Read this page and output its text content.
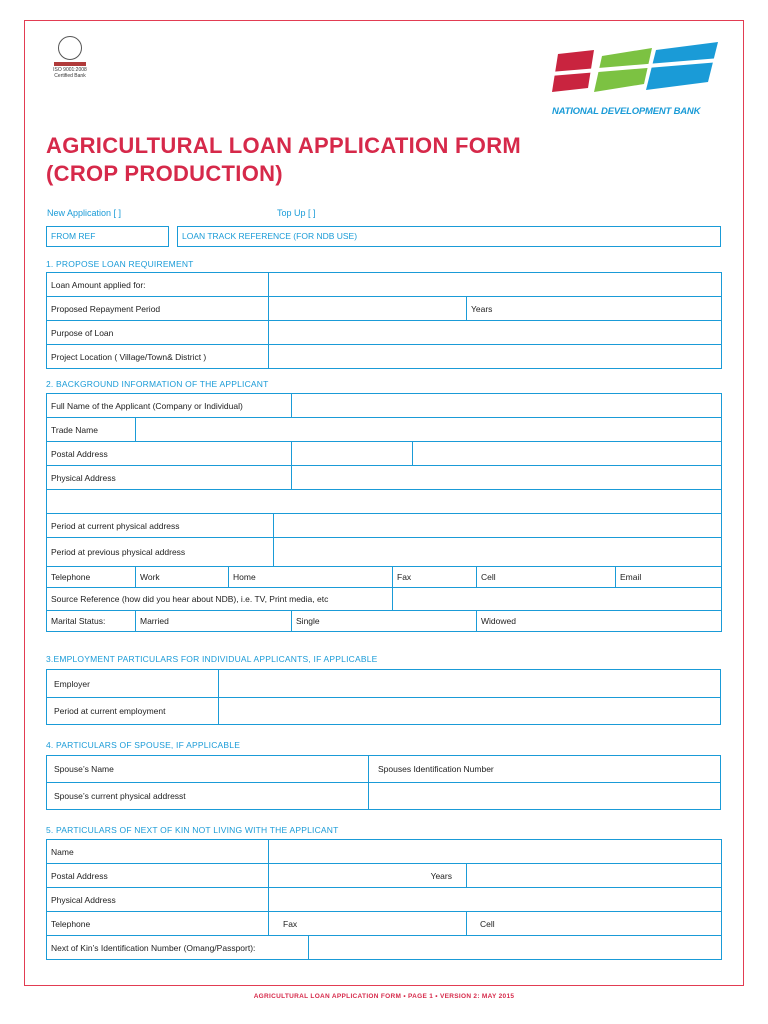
ISO 9001:2008
Certified Bank
NATIONAL DEVELOPMENT BANK
AGRICULTURAL LOAN APPLICATION FORM
(CROP PRODUCTION)
New Application [ ]	Top Up [ ]
FROM REF	LOAN TRACK REFERENCE (FOR NDB USE)
1. PROPOSE LOAN REQUIREMENT
Loan Amount applied for:		
Proposed Repayment Period		Years
Purpose of Loan		
Project Location ( Village/Town& District )		
2. BACKGROUND INFORMATION OF THE APPLICANT
Full Name of the Applicant (Company or Individual)								
Trade Name								
Postal Address								
Physical Address								

Period at current physical address								
Period at previous physical address								
Telephone	Work	Home			Fax		Cell	Email
Source Reference (how did you hear about NDB), i.e. TV, Print media, etc								
Marital Status:	Married			Single			Widowed	
3.EMPLOYMENT PARTICULARS FOR INDIVIDUAL APPLICANTS, IF APPLICABLE
Employer	
Period at current employment	
4. PARTICULARS OF SPOUSE, IF APPLICABLE
Spouse’s Name	Spouses Identification Number
Spouse’s current physical addresst	
5. PARTICULARS OF NEXT OF KIN NOT LIVING WITH THE APPLICANT
Name			
Postal Address	Years		
Physical Address			
Telephone	Fax		Cell
Next of Kin’s Identification Number (Omang/Passport):			
AGRICULTURAL LOAN APPLICATION FORM • PAGE 1 • VERSION 2: MAY 2015
